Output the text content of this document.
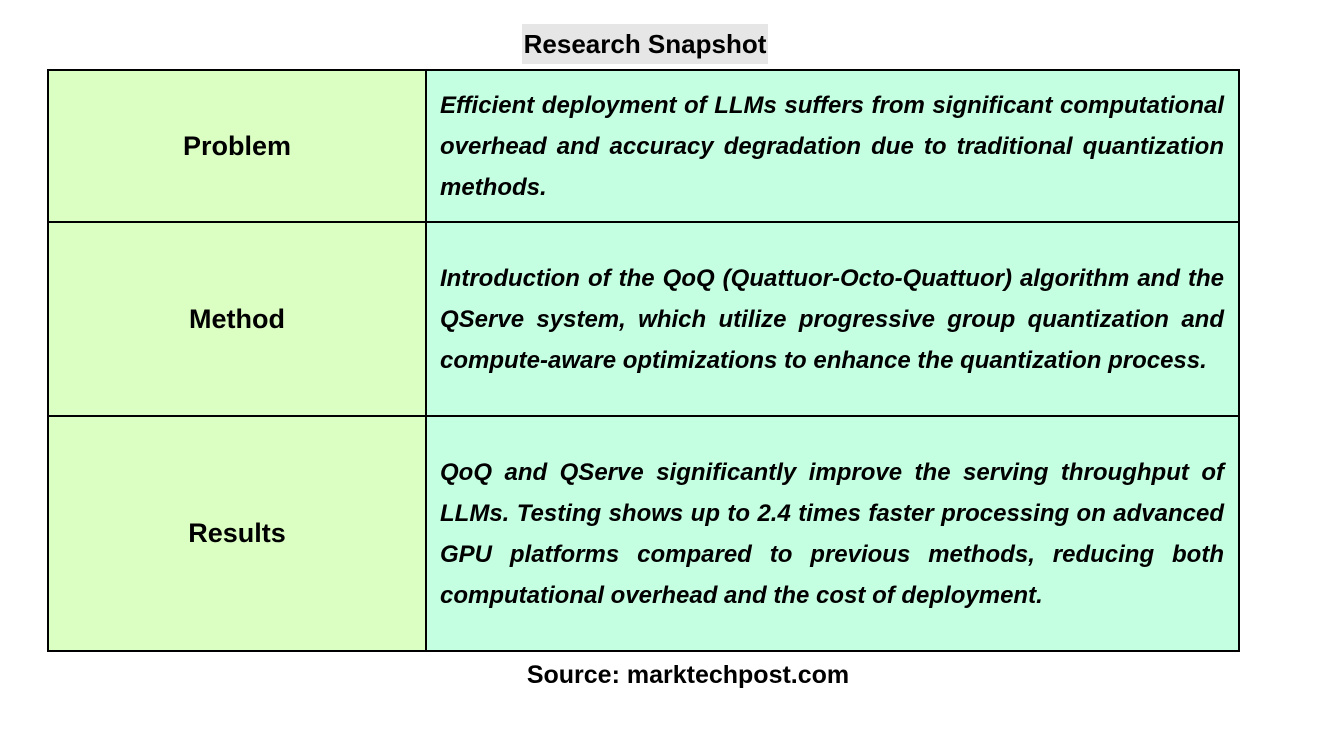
Research Snapshot
Problem	Efficient deployment of LLMs suffers from significant computational overhead and accuracy degradation due to traditional quantization methods.
Method	Introduction of the QoQ (Quattuor-Octo-Quattuor) algorithm and the QServe system, which utilize progressive group quantization and compute-aware optimizations to enhance the quantization process.
Results	QoQ and QServe significantly improve the serving throughput of LLMs. Testing shows up to 2.4 times faster processing on advanced GPU platforms compared to previous methods, reducing both computational overhead and the cost of deployment.
Source: marktechpost.com
